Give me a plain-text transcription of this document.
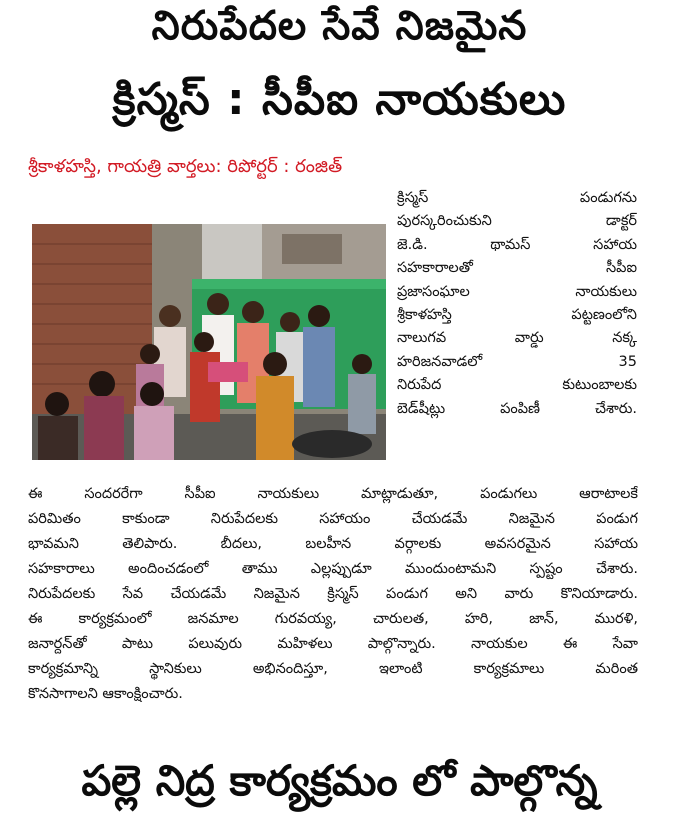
నిరుపేదల సేవే నిజమైన
క్రిస్మస్ : సీపీఐ నాయకులు
శ్రీకాళహస్తి, గాయత్రి వార్తలు: రిపోర్టర్ : రంజిత్
క్రిస్మస్ పండుగను
పురస్కరించుకుని డాక్టర్
జె.డి. థామస్ సహాయ
సహకారాలతో సీపీఐ
ప్రజాసంఘాల నాయకులు
శ్రీకాళహస్తి పట్టణంలోని
నాలుగవ వార్డు నక్క
హరిజనవాడలో 35
నిరుపేద కుటుంబాలకు
బెడ్‌షీట్లు పంపిణీ చేశారు.
ఈ సందరరేగా సీపీఐ నాయకులు మాట్లాడుతూ, పండుగలు ఆరాటాలకే
పరిమితం కాకుండా నిరుపేదలకు సహాయం చేయడమే నిజమైన పండుగ
భావమని తెలిపారు. బీదలు, బలహీన వర్గాలకు అవసరమైన సహాయ
సహకారాలు అందించడంలో తాము ఎల్లప్పుడూ ముందుంటామని స్పష్టం చేశారు.
నిరుపేదలకు సేవ చేయడమే నిజమైన క్రిస్మస్ పండుగ అని వారు కొనియాడారు.
ఈ కార్యక్రమంలో జనమాల గురవయ్య, చారులత, హరి, జాన్, మురళి,
జనార్దన్‌తో పాటు పలువురు మహిళలు పాల్గొన్నారు. నాయకుల ఈ సేవా
కార్యక్రమాన్ని స్థానికులు అభినందిస్తూ, ఇలాంటి కార్యక్రమాలు మరింత
కొనసాగాలని ఆకాంక్షించారు.
పల్లె నిద్ర కార్యక్రమం లో పాల్గొన్న
